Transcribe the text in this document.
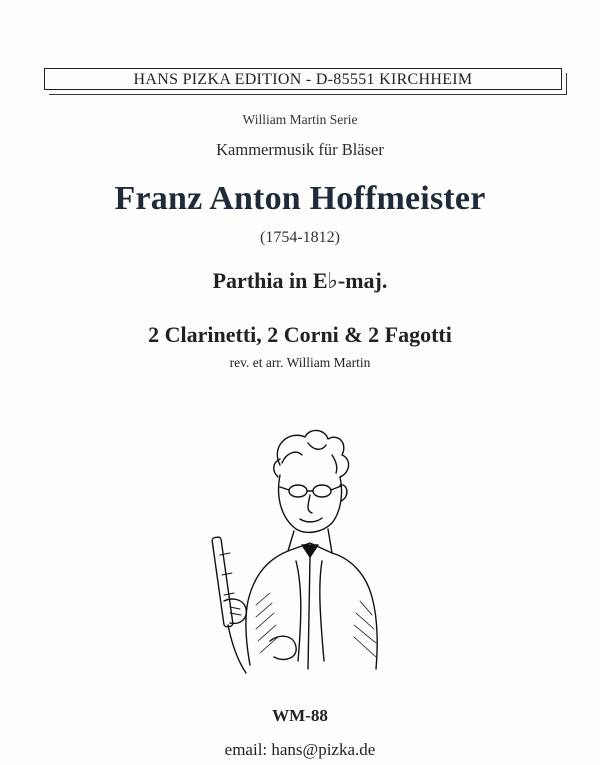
HANS PIZKA EDITION - D-85551 KIRCHHEIM
William Martin Serie
Kammermusik für Bläser
Franz Anton Hoffmeister
(1754-1812)
Parthia in E♭-maj.
2 Clarinetti, 2 Corni & 2 Fagotti
rev. et arr. William Martin
WM-88
email: hans@pizka.de
